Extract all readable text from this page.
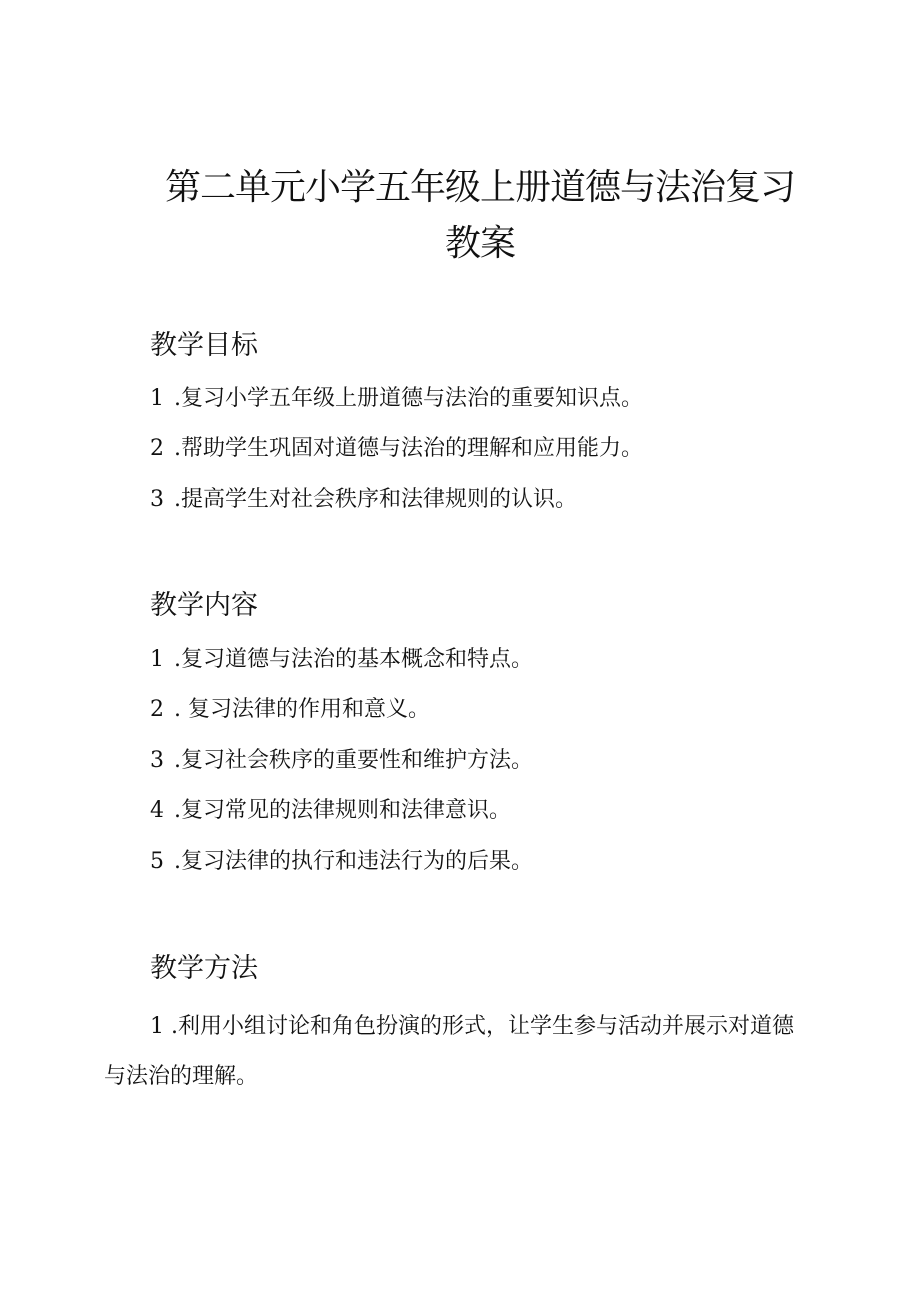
第二单元小学五年级上册道德与法治复习教案
教学目标
1 .复习小学五年级上册道德与法治的重要知识点。
2 .帮助学生巩固对道德与法治的理解和应用能力。
3 .提高学生对社会秩序和法律规则的认识。
教学内容
1 .复习道德与法治的基本概念和特点。
2 . 复习法律的作用和意义。
3 .复习社会秩序的重要性和维护方法。
4 .复习常见的法律规则和法律意识。
5 .复习法律的执行和违法行为的后果。
教学方法

1 .利用小组讨论和角色扮演的形式，让学生参与活动并展示对道德与法治的理解。
